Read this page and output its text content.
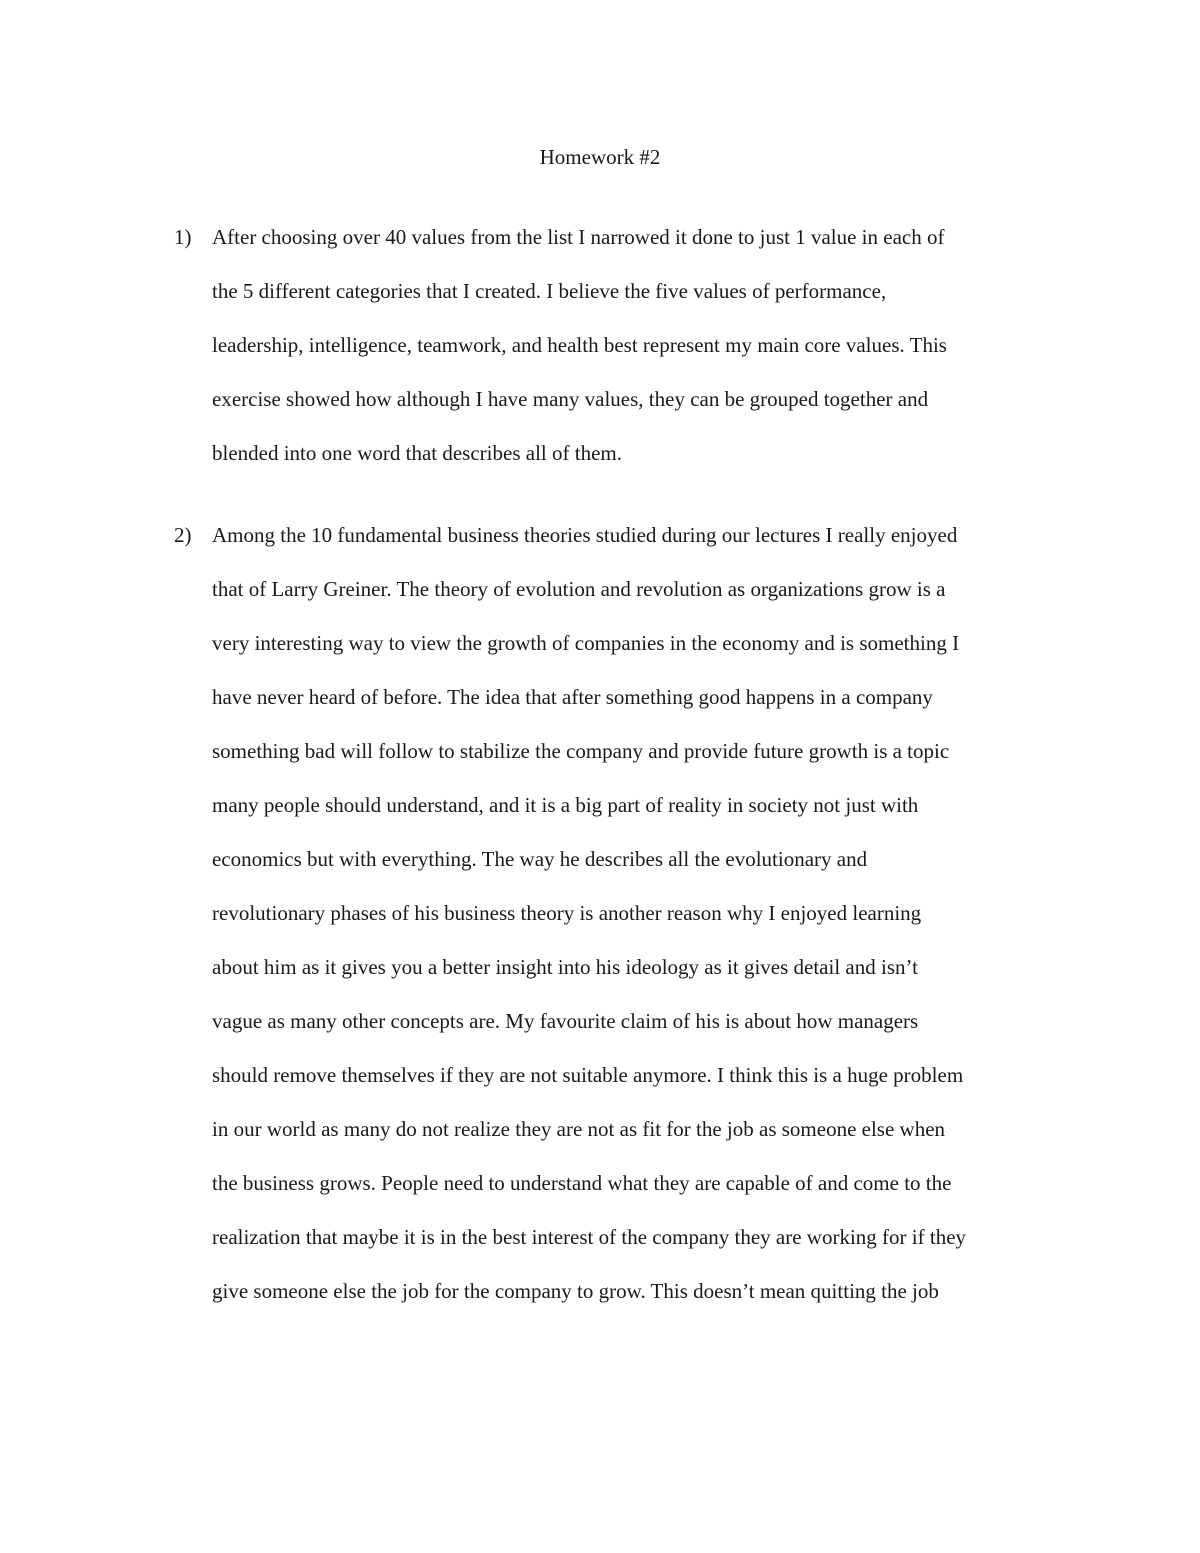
Homework #2
1) After choosing over 40 values from the list I narrowed it done to just 1 value in each of
the 5 different categories that I created. I believe the five values of performance,
leadership, intelligence, teamwork, and health best represent my main core values. This
exercise showed how although I have many values, they can be grouped together and
blended into one word that describes all of them.
2) Among the 10 fundamental business theories studied during our lectures I really enjoyed
that of Larry Greiner. The theory of evolution and revolution as organizations grow is a
very interesting way to view the growth of companies in the economy and is something I
have never heard of before. The idea that after something good happens in a company
something bad will follow to stabilize the company and provide future growth is a topic
many people should understand, and it is a big part of reality in society not just with
economics but with everything. The way he describes all the evolutionary and
revolutionary phases of his business theory is another reason why I enjoyed learning
about him as it gives you a better insight into his ideology as it gives detail and isn’t
vague as many other concepts are. My favourite claim of his is about how managers
should remove themselves if they are not suitable anymore. I think this is a huge problem
in our world as many do not realize they are not as fit for the job as someone else when
the business grows. People need to understand what they are capable of and come to the
realization that maybe it is in the best interest of the company they are working for if they
give someone else the job for the company to grow. This doesn’t mean quitting the job
